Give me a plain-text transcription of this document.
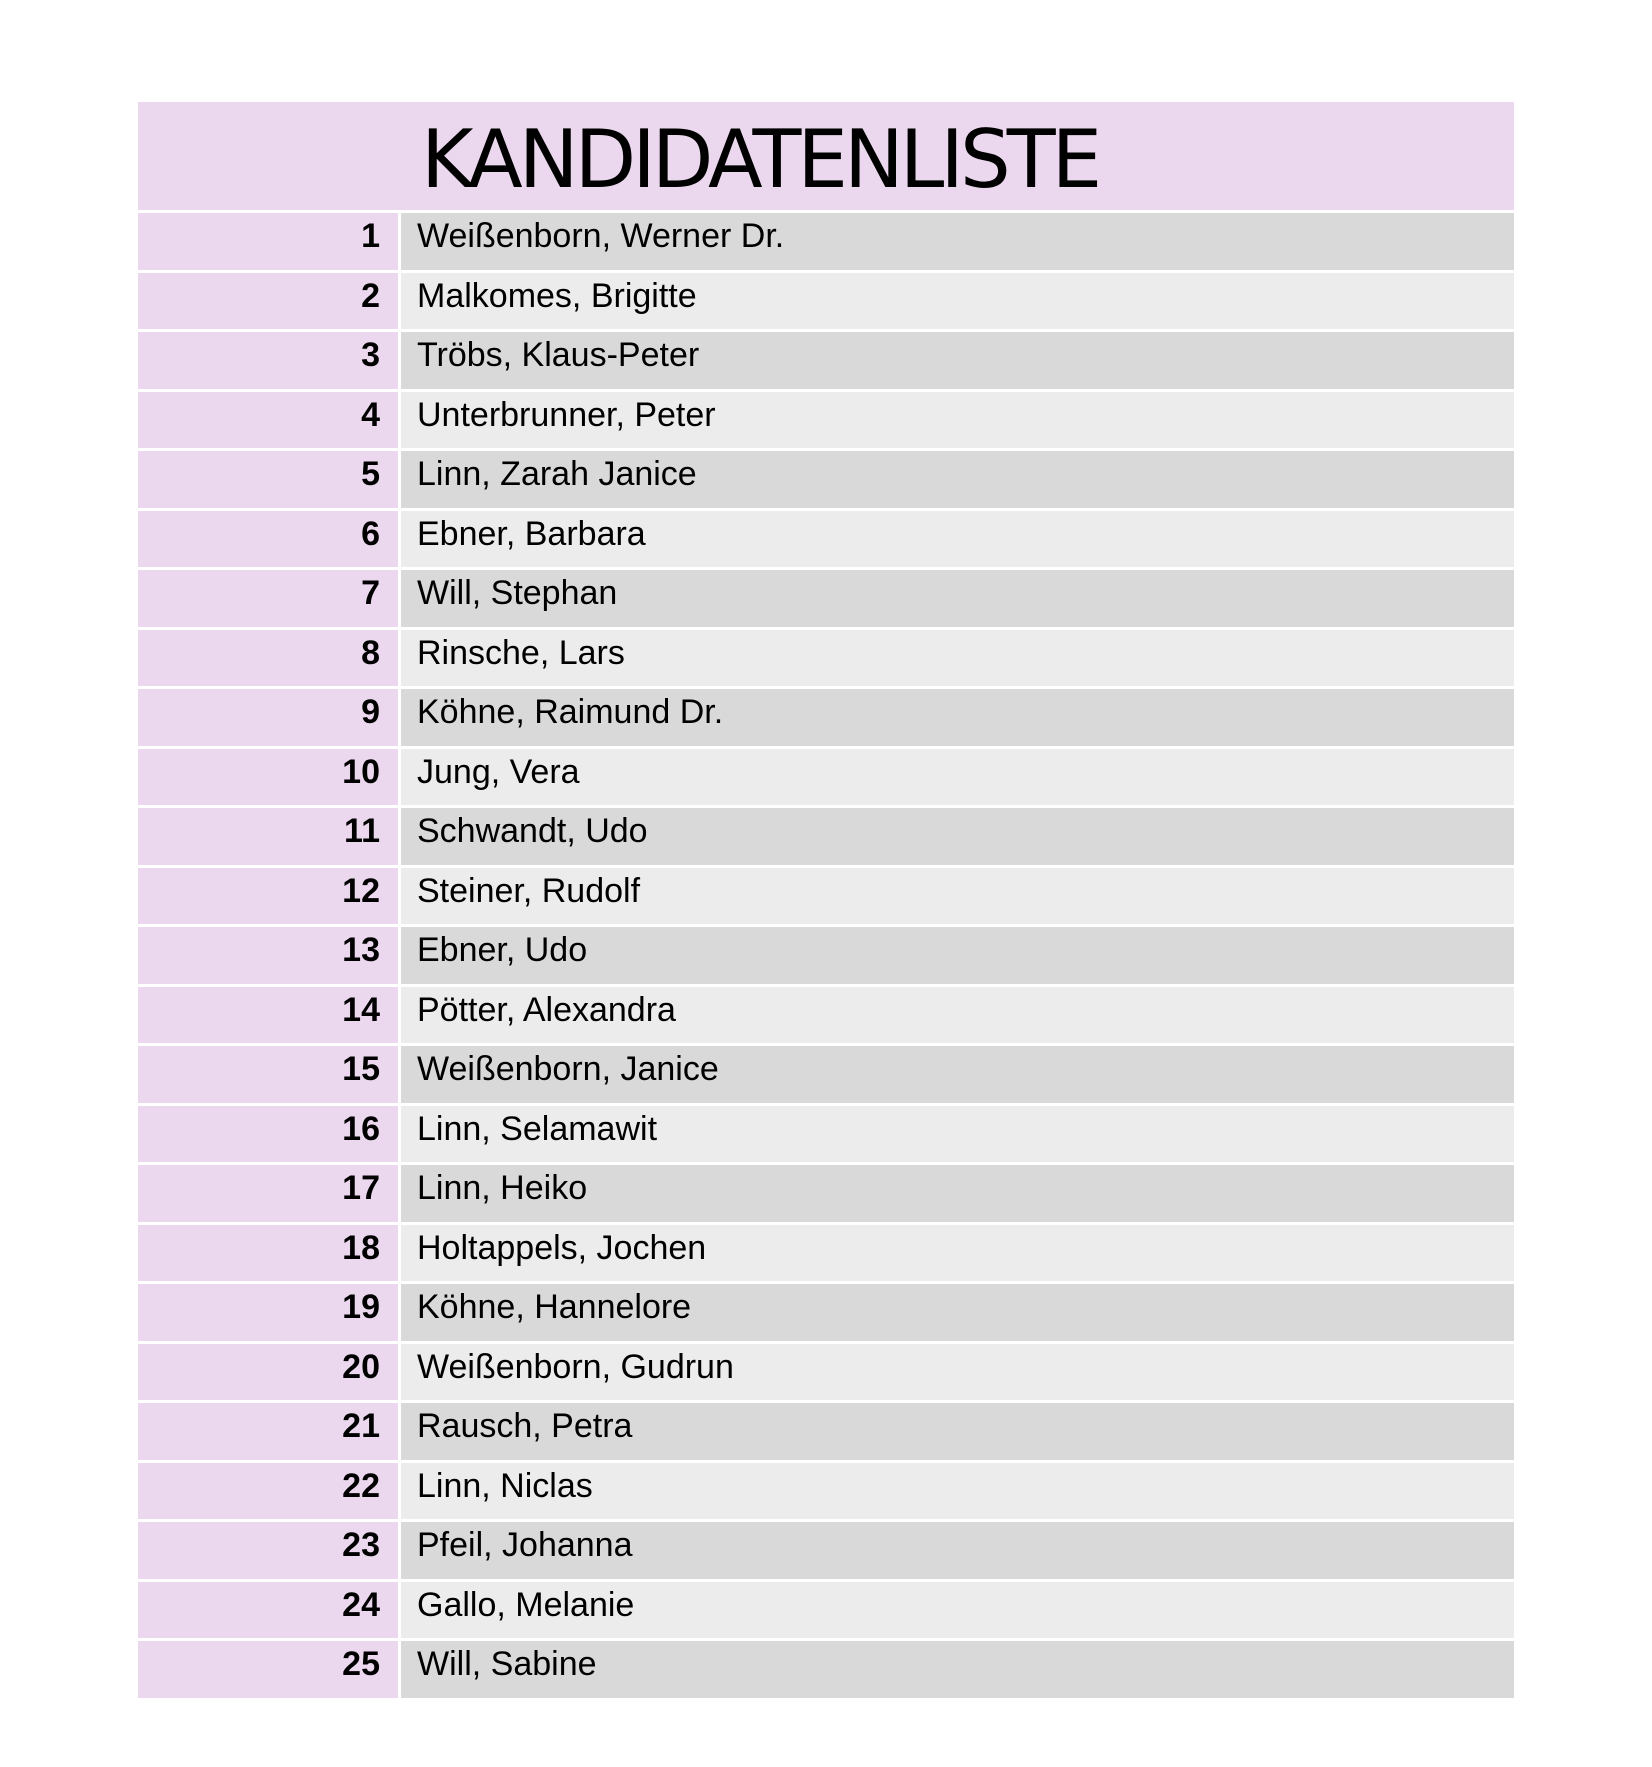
KANDIDATENLISTE
1	Weißenborn, Werner Dr.
2	Malkomes, Brigitte
3	Tröbs, Klaus-Peter
4	Unterbrunner, Peter
5	Linn, Zarah Janice
6	Ebner, Barbara
7	Will, Stephan
8	Rinsche, Lars
9	Köhne, Raimund Dr.
10	Jung, Vera
11	Schwandt, Udo
12	Steiner, Rudolf
13	Ebner, Udo
14	Pötter, Alexandra
15	Weißenborn, Janice
16	Linn, Selamawit
17	Linn, Heiko
18	Holtappels, Jochen
19	Köhne, Hannelore
20	Weißenborn, Gudrun
21	Rausch, Petra
22	Linn, Niclas
23	Pfeil, Johanna
24	Gallo, Melanie
25	Will, Sabine
